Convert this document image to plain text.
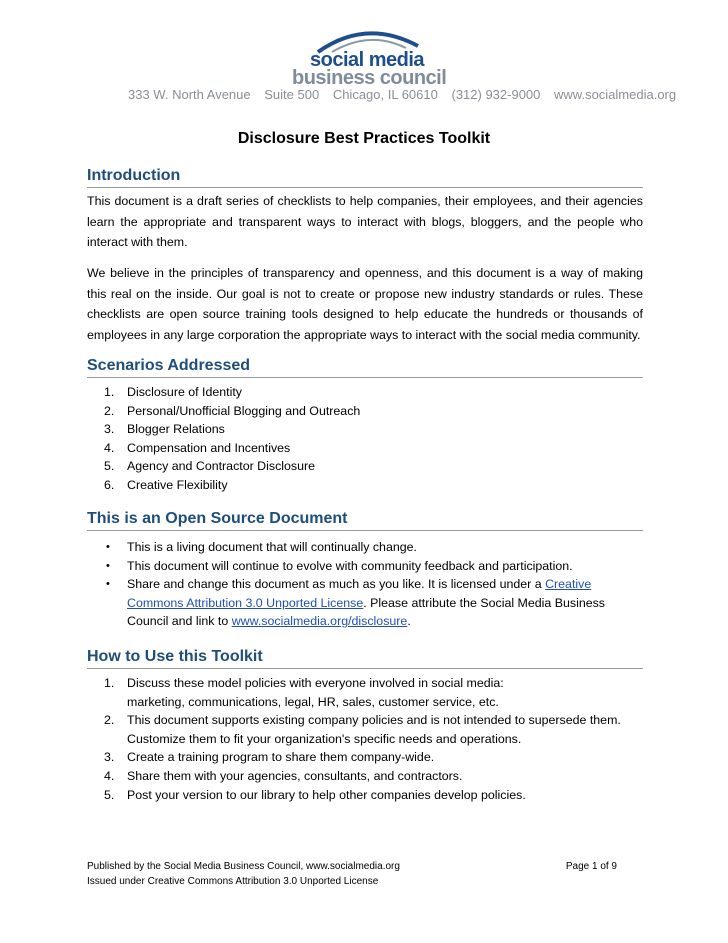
social media
business council
333 W. North Avenue Suite 500 Chicago, IL 60610 (312) 932-9000 www.socialmedia.org
Disclosure Best Practices Toolkit
Introduction
This document is a draft series of checklists to help companies, their employees, and their agencies learn the appropriate and transparent ways to interact with blogs, bloggers, and the people who interact with them.
We believe in the principles of transparency and openness, and this document is a way of making this real on the inside. Our goal is not to create or propose new industry standards or rules. These checklists are open source training tools designed to help educate the hundreds or thousands of employees in any large corporation the appropriate ways to interact with the social media community.
Scenarios Addressed
1. Disclosure of Identity
2. Personal/Unofficial Blogging and Outreach
3. Blogger Relations
4. Compensation and Incentives
5. Agency and Contractor Disclosure
6. Creative Flexibility
This is an Open Source Document
• This is a living document that will continually change.
• This document will continue to evolve with community feedback and participation.
• Share and change this document as much as you like. It is licensed under a Creative Commons Attribution 3.0 Unported License. Please attribute the Social Media Business Council and link to www.socialmedia.org/disclosure.
How to Use this Toolkit
1. Discuss these model policies with everyone involved in social media:
marketing, communications, legal, HR, sales, customer service, etc.
2. This document supports existing company policies and is not intended to supersede them.
Customize them to fit your organization's specific needs and operations.
3. Create a training program to share them company-wide.
4. Share them with your agencies, consultants, and contractors.
5. Post your version to our library to help other companies develop policies.
Published by the Social Media Business Council, www.socialmedia.org	Page 1 of 9
Issued under Creative Commons Attribution 3.0 Unported License
